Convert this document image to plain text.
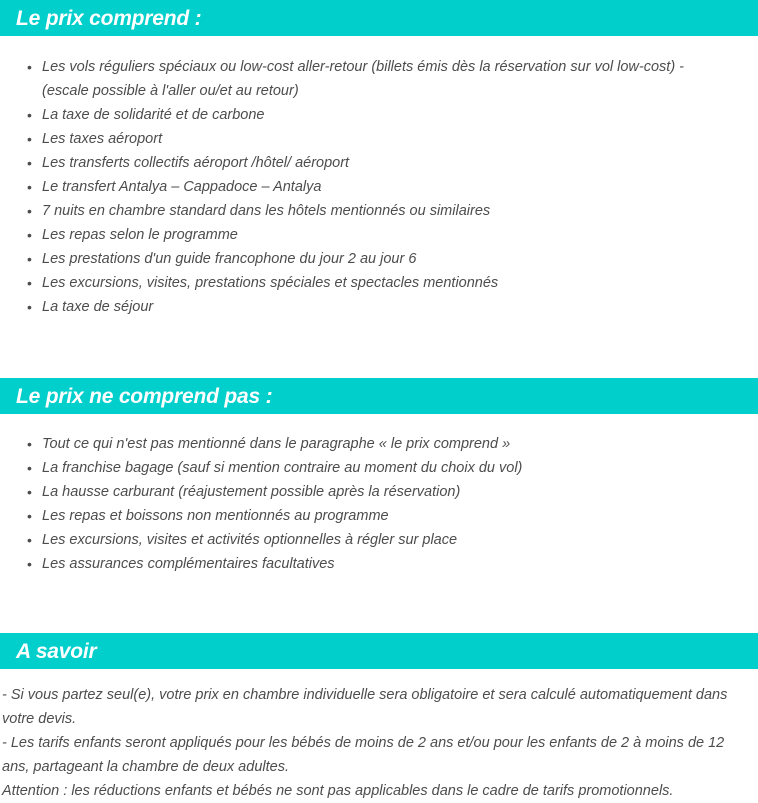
Le prix comprend :
• Les vols réguliers spéciaux ou low-cost aller-retour (billets émis dès la réservation sur vol low-cost) - (escale possible à l'aller ou/et au retour)
• La taxe de solidarité et de carbone
• Les taxes aéroport
• Les transferts collectifs aéroport /hôtel/ aéroport
• Le transfert Antalya – Cappadoce – Antalya
• 7 nuits en chambre standard dans les hôtels mentionnés ou similaires
• Les repas selon le programme
• Les prestations d'un guide francophone du jour 2 au jour 6
• Les excursions, visites, prestations spéciales et spectacles mentionnés
• La taxe de séjour
Le prix ne comprend pas :
• Tout ce qui n'est pas mentionné dans le paragraphe « le prix comprend »
• La franchise bagage (sauf si mention contraire au moment du choix du vol)
• La hausse carburant (réajustement possible après la réservation)
• Les repas et boissons non mentionnés au programme
• Les excursions, visites et activités optionnelles à régler sur place
• Les assurances complémentaires facultatives
A savoir

- Si vous partez seul(e), votre prix en chambre individuelle sera obligatoire et sera calculé automatiquement dans votre devis.

- Les tarifs enfants seront appliqués pour les bébés de moins de 2 ans et/ou pour les enfants de 2 à moins de 12 ans, partageant la chambre de deux adultes.

Attention : les réductions enfants et bébés ne sont pas applicables dans le cadre de tarifs promotionnels.
